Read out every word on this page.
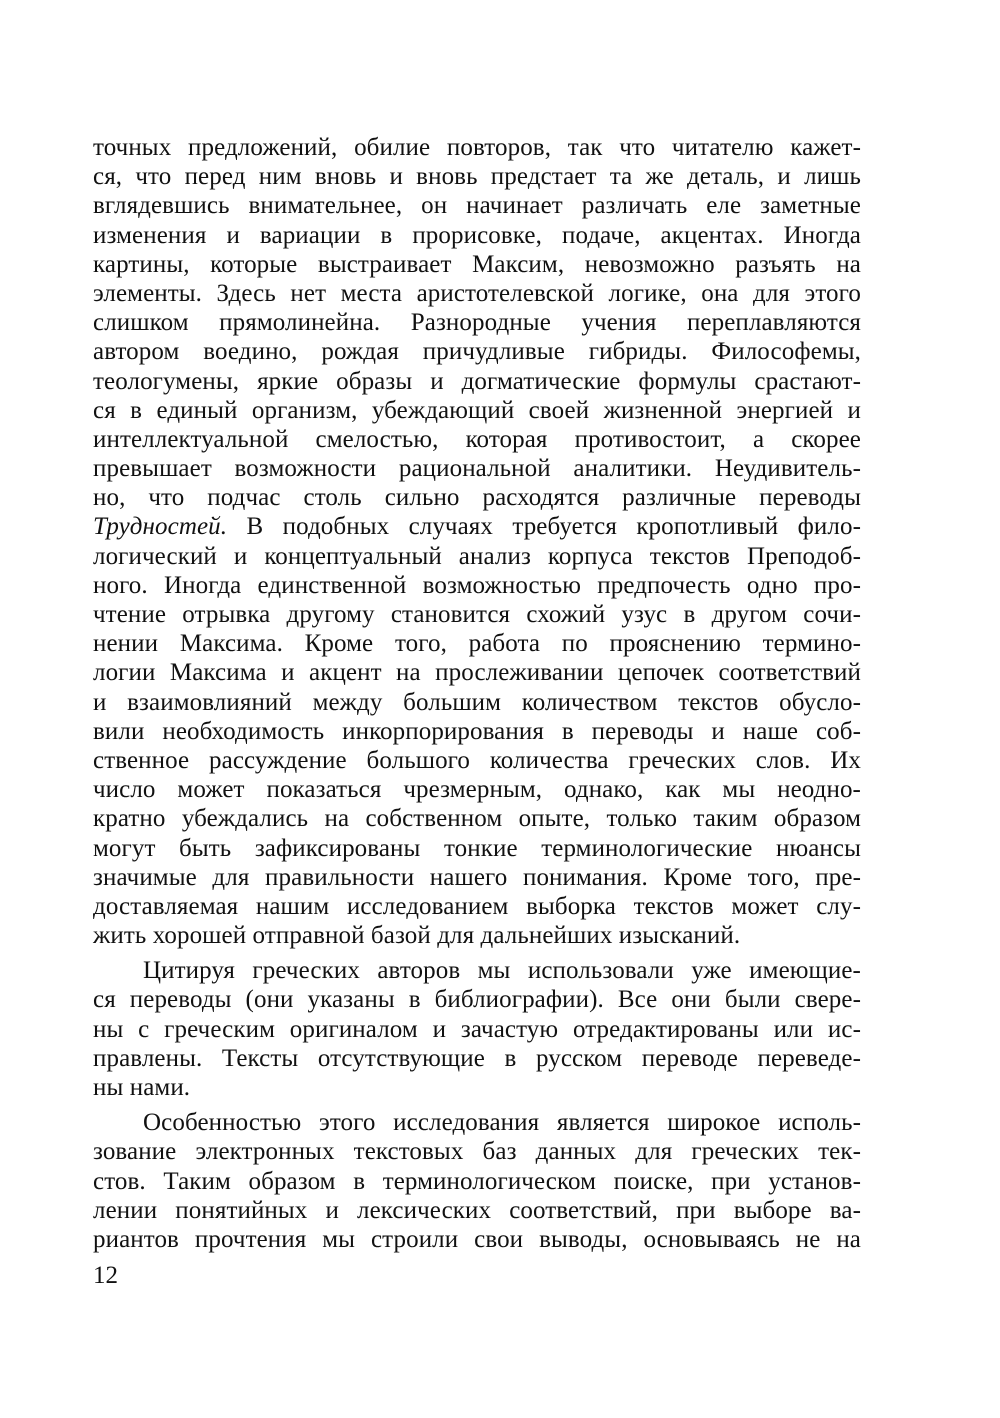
точных предложений, обилие повторов, так что читателю кажет-
ся, что перед ним вновь и вновь предстает та же деталь, и лишь
вглядевшись внимательнее, он начинает различать еле заметные
изменения и вариации в прорисовке, подаче, акцентах. Иногда
картины, которые выстраивает Максим, невозможно разъять на
элементы. Здесь нет места аристотелевской логике, она для этого
слишком прямолинейна. Разнородные учения переплавляются
автором воедино, рождая причудливые гибриды. Философемы,
теологумены, яркие образы и догматические формулы срастают-
ся в единый организм, убеждающий своей жизненной энергией и
интеллектуальной смелостью, которая противостоит, а скорее
превышает возможности рациональной аналитики. Неудивитель-
но, что подчас столь сильно расходятся различные переводы
Трудностей. В подобных случаях требуется кропотливый фило-
логический и концептуальный анализ корпуса текстов Преподоб-
ного. Иногда единственной возможностью предпочесть одно про-
чтение отрывка другому становится схожий узус в другом сочи-
нении Максима. Кроме того, работа по прояснению термино-
логии Максима и акцент на прослеживании цепочек соответствий
и взаимовлияний между большим количеством текстов обусло-
вили необходимость инкорпорирования в переводы и наше соб-
ственное рассуждение большого количества греческих слов. Их
число может показаться чрезмерным, однако, как мы неодно-
кратно убеждались на собственном опыте, только таким образом
могут быть зафиксированы тонкие терминологические нюансы
значимые для правильности нашего понимания. Кроме того, пре-
доставляемая нашим исследованием выборка текстов может слу-
жить хорошей отправной базой для дальнейших изысканий.
Цитируя греческих авторов мы использовали уже имеющие-
ся переводы (они указаны в библиографии). Все они были свере-
ны с греческим оригиналом и зачастую отредактированы или ис-
правлены. Тексты отсутствующие в русском переводе переведе-
ны нами.
Особенностью этого исследования является широкое исполь-
зование электронных текстовых баз данных для греческих тек-
стов. Таким образом в терминологическом поиске, при установ-
лении понятийных и лексических соответствий, при выборе ва-
риантов прочтения мы строили свои выводы, основываясь не на
12
